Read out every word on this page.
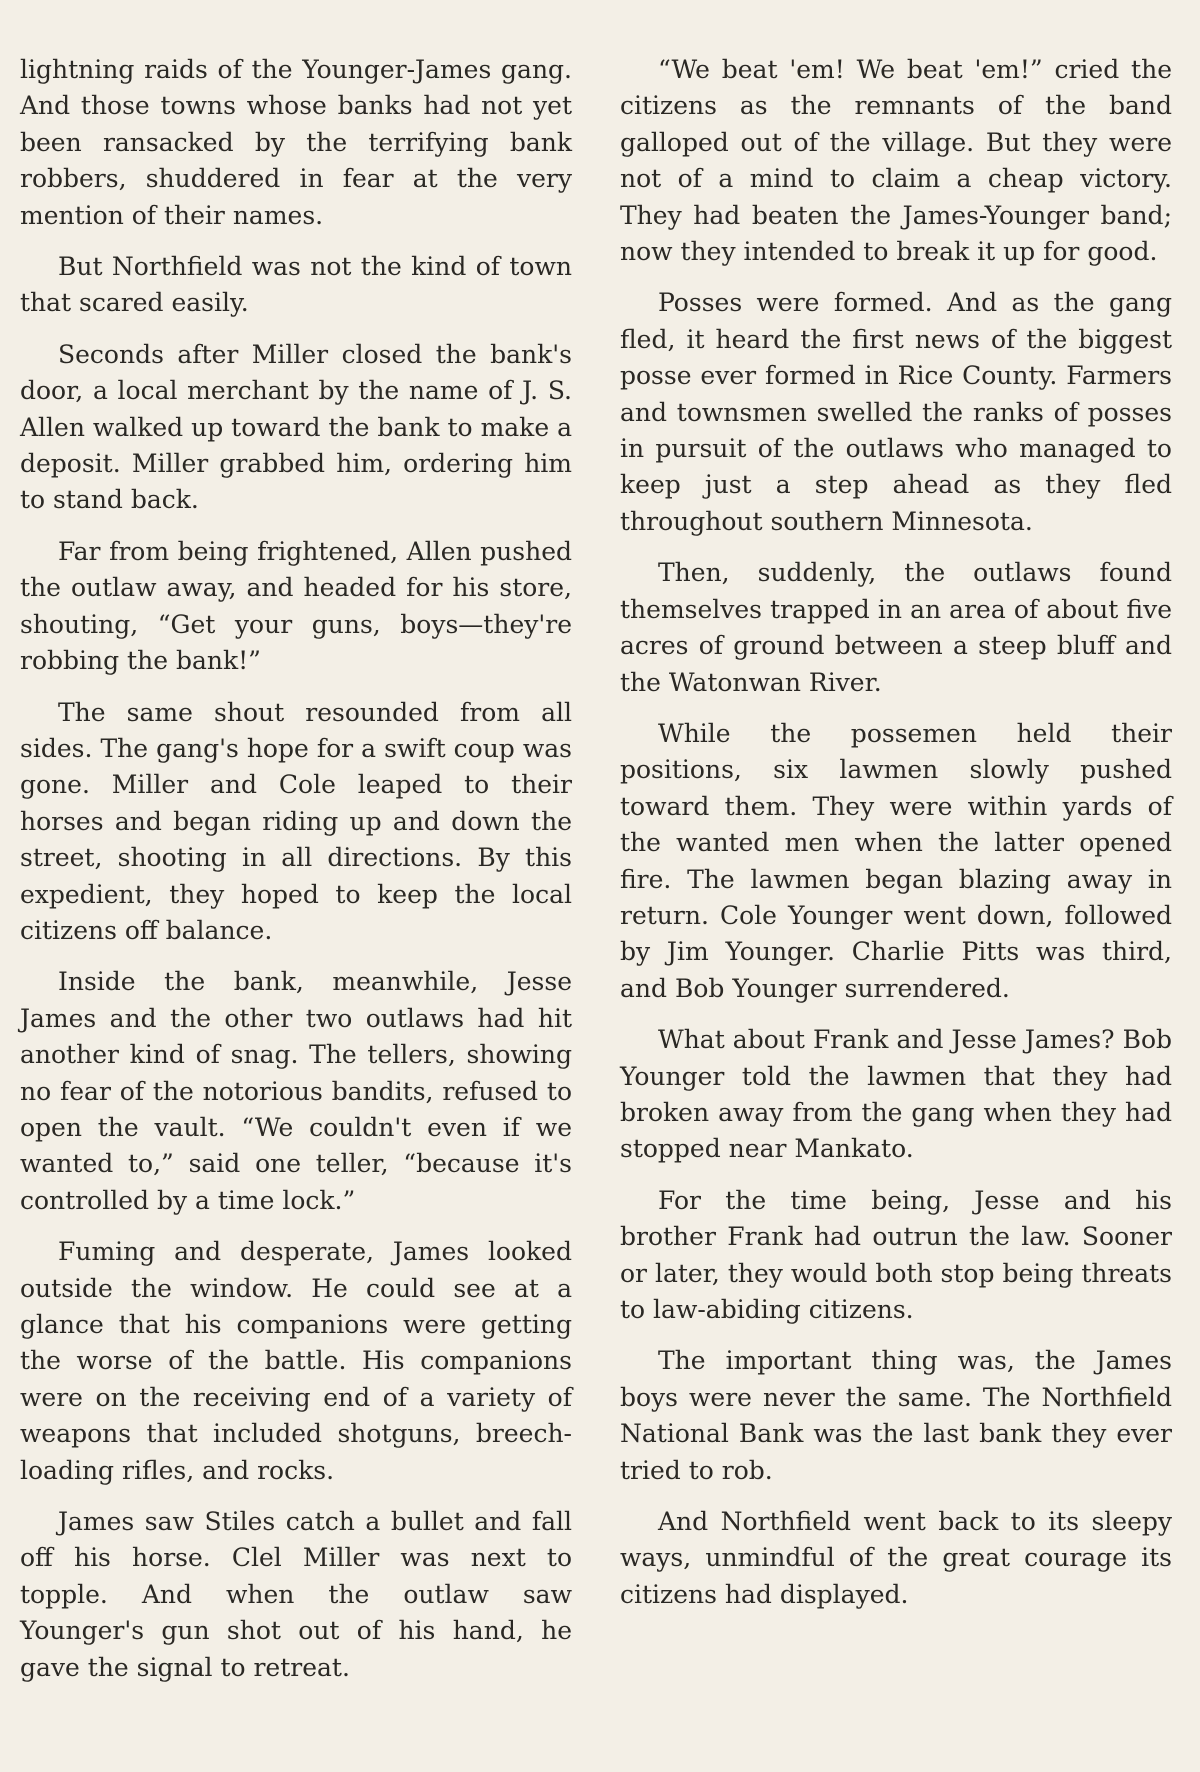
lightning raids of the Younger-James gang. And those towns whose banks had not yet been ransacked by the terrifying bank robbers, shuddered in fear at the very mention of their names.

But Northfield was not the kind of town that scared easily.

Seconds after Miller closed the bank's door, a local merchant by the name of J. S. Allen walked up toward the bank to make a deposit. Miller grabbed him, ordering him to stand back.

Far from being frightened, Allen pushed the outlaw away, and headed for his store, shouting, “Get your guns, boys—they're robbing the bank!”

The same shout resounded from all sides. The gang's hope for a swift coup was gone. Miller and Cole leaped to their horses and began riding up and down the street, shooting in all directions. By this expedient, they hoped to keep the local citizens off balance.

Inside the bank, meanwhile, Jesse James and the other two outlaws had hit another kind of snag. The tellers, showing no fear of the notorious bandits, refused to open the vault. “We couldn't even if we wanted to,” said one teller, “because it's controlled by a time lock.”

Fuming and desperate, James looked outside the window. He could see at a glance that his companions were getting the worse of the battle. His companions were on the receiving end of a variety of weapons that included shotguns, breech-loading rifles, and rocks.

James saw Stiles catch a bullet and fall off his horse. Clel Miller was next to topple. And when the outlaw saw Younger's gun shot out of his hand, he gave the signal to retreat.

“We beat 'em! We beat 'em!” cried the citizens as the remnants of the band galloped out of the village. But they were not of a mind to claim a cheap victory. They had beaten the James-Younger band; now they intended to break it up for good.

Posses were formed. And as the gang fled, it heard the first news of the biggest posse ever formed in Rice County. Farmers and townsmen swelled the ranks of posses in pursuit of the outlaws who managed to keep just a step ahead as they fled throughout southern Minnesota.

Then, suddenly, the outlaws found themselves trapped in an area of about five acres of ground between a steep bluff and the Watonwan River.

While the possemen held their positions, six lawmen slowly pushed toward them. They were within yards of the wanted men when the latter opened fire. The lawmen began blazing away in return. Cole Younger went down, followed by Jim Younger. Charlie Pitts was third, and Bob Younger surrendered.

What about Frank and Jesse James? Bob Younger told the lawmen that they had broken away from the gang when they had stopped near Mankato.

For the time being, Jesse and his brother Frank had outrun the law. Sooner or later, they would both stop being threats to law-abiding citizens.

The important thing was, the James boys were never the same. The Northfield National Bank was the last bank they ever tried to rob.

And Northfield went back to its sleepy ways, unmindful of the great courage its citizens had displayed.
